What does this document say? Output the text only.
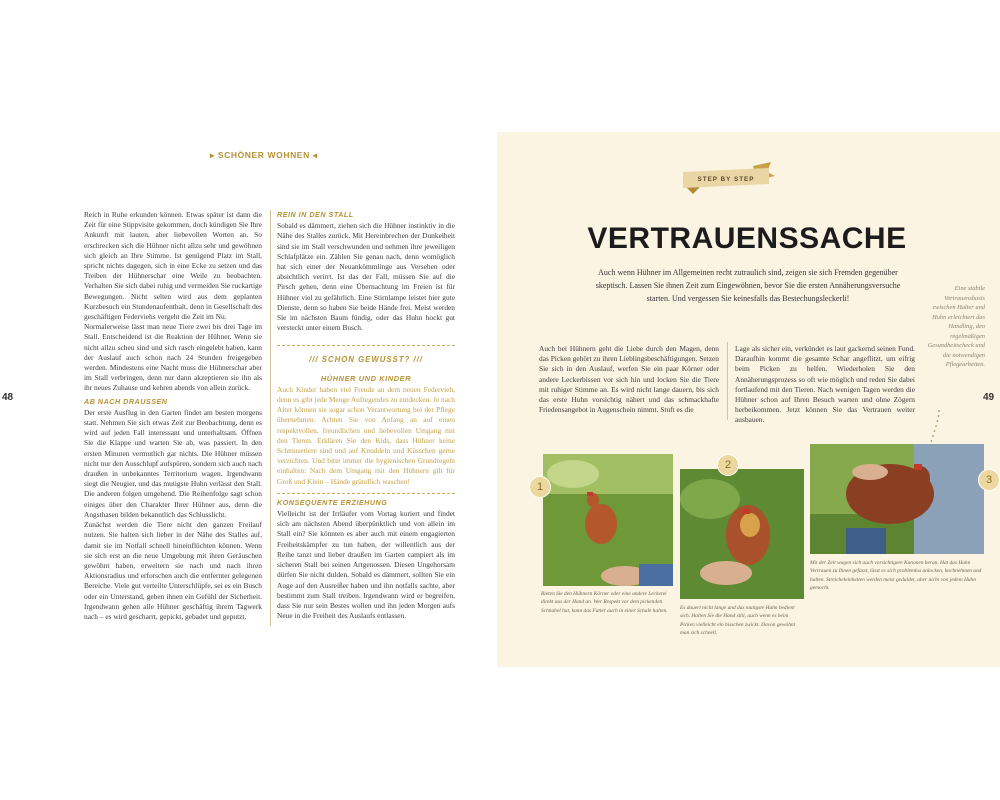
▸ SCHÖNER WOHNEN ◂

Reich in Ruhe erkunden können. Etwas später ist dann die Zeit für eine Stippvisite gekommen, doch kündigen Sie Ihre Ankunft mit lauten, aber liebevollen Worten an. So erschrecken sich die Hühner nicht allzu sehr und gewöhnen sich gleich an Ihre Stimme. Ist genügend Platz im Stall, spricht nichts dagegen, sich in eine Ecke zu setzen und das Treiben der Hühnerschar eine Weile zu beobachten. Verhalten Sie sich dabei ruhig und vermeiden Sie ruckartige Bewegungen. Nicht selten wird aus dem geplanten Kurzbesuch ein Stundenaufenthalt, denn in Gesellschaft des geschäftigen Federviehs vergeht die Zeit im Nu.

Normalerweise lässt man neue Tiere zwei bis drei Tage im Stall. Entscheidend ist die Reaktion der Hühner. Wenn sie nicht allzu scheu sind und sich rasch eingelebt haben, kann der Auslauf auch schon nach 24 Stunden freigegeben werden. Mindestens eine Nacht muss die Hühnerschar aber im Stall verbringen, denn nur dann akzeptieren sie ihn als ihr neues Zuhause und kehren abends von allein zurück.

AB NACH DRAUSSEN

Der erste Ausflug in den Garten findet am besten morgens statt. Nehmen Sie sich etwas Zeit zur Beobachtung, denn es wird auf jeden Fall interessant und unterhaltsam. Öffnen Sie die Klappe und warten Sie ab, was passiert. In den ersten Minuten vermutlich gar nichts. Die Hühner müssen nicht nur den Ausschlupf aufspüren, sondern sich auch nach draußen in unbekanntes Territorium wagen. Irgendwann siegt die Neugier, und das mutigste Huhn verlässt den Stall. Die anderen folgen umgehend. Die Reihenfolge sagt schon einiges über den Charakter Ihrer Hühner aus, denn die Angsthasen bilden bekanntlich das Schlusslicht.

Zunächst werden die Tiere nicht den ganzen Freilauf nutzen. Sie halten sich lieber in der Nähe des Stalles auf, damit sie im Notfall schnell hineinflüchten können. Wenn sie sich erst an die neue Umgebung mit ihren Geräuschen gewöhnt haben, erweitern sie nach und nach ihren Aktionsradius und erforschen auch die entfernter gelegenen Bereiche. Viele gut verteilte Unterschlüpfe, sei es ein Busch oder ein Unterstand, geben ihnen ein Gefühl der Sicherheit. Irgendwann gehen alle Hühner geschäftig ihrem Tagwerk nach – es wird gescharrt, gepickt, gebadet und geputzt.

REIN IN DEN STALL

Sobald es dämmert, ziehen sich die Hühner instinktiv in die Nähe des Stalles zurück. Mit Hereinbrechen der Dunkelheit sind sie im Stall verschwunden und nehmen ihre jeweiligen Schlafplätze ein. Zählen Sie genau nach, denn womöglich hat sich einer der Neuankömmlinge aus Versehen oder absichtlich verirrt. Ist das der Fall, müssen Sie auf die Pirsch gehen, denn eine Übernachtung im Freien ist für Hühner viel zu gefährlich. Eine Stirnlampe leistet hier gute Dienste, denn so haben Sie beide Hände frei. Meist werden Sie im nächsten Baum fündig, oder das Huhn hockt gut versteckt unter einem Busch.

/// SCHON GEWUSST? ///
HÜHNER UND KINDER

Auch Kinder haben viel Freude an dem neuen Federvieh, denn es gibt jede Menge Aufregendes zu entdecken. Je nach Alter können sie sogar schon Verantwortung bei der Pflege übernehmen. Achten Sie von Anfang an auf einen respektvollen, freundlichen und liebevollen Umgang mit den Tieren. Erklären Sie den Kids, dass Hühner keine Schmusetiere sind und auf Knuddeln und Küsschen gerne verzichten. Und bitte immer die hygienischen Grundregeln einhalten: Nach dem Umgang mit den Hühnern gilt für Groß und Klein – Hände gründlich waschen!

KONSEQUENTE ERZIEHUNG

Vielleicht ist der Irrläufer vom Vortag kuriert und findet sich am nächsten Abend überpünktlich und von allein im Stall ein? Sie könnten es aber auch mit einem engagierten Freiheitskämpfer zu tun haben, der willentlich aus der Reihe tanzt und lieber draußen im Garten campiert als im sicheren Stall bei seinen Artgenossen. Diesen Ungehorsam dürfen Sie nicht dulden. Sobald es dämmert, sollten Sie ein Auge auf den Ausreißer haben und ihn notfalls sachte, aber bestimmt zum Stall treiben. Irgendwann wird er begreifen, dass Sie nur sein Bestes wollen und ihn jeden Morgen aufs Neue in die Freiheit des Auslaufs entlassen.

48
STEP BY STEP
VERTRAUENSSACHE
Auch wenn Hühner im Allgemeinen recht zutraulich sind, zeigen sie sich Fremden gegenüber skeptisch. Lassen Sie ihnen Zeit zum Eingewöhnen, bevor Sie die ersten Annäherungsversuche starten. Und vergessen Sie keinesfalls das Bestechungsleckerli!
Eine stabile Vertrauensbasis zwischen Halter und Huhn erleichtert das Handling, den regelmäßigen Gesundheitscheck und die notwendigen Pflegearbeiten.
Auch bei Hühnern geht die Liebe durch den Magen, denn das Picken gehört zu ihren Lieblingsbeschäftigungen. Setzen Sie sich in den Auslauf, werfen Sie ein paar Körner oder andere Leckerbissen vor sich hin und locken Sie die Tiere mit ruhiger Stimme an. Es wird nicht lange dauern, bis sich das erste Huhn vorsichtig nähert und das schmackhafte Friedensangebot in Augenschein nimmt. Stuft es die
Lage als sicher ein, verkündet es laut gackernd seinen Fund. Daraufhin kommt die gesamte Schar angeflitzt, um eifrig beim Picken zu helfen. Wiederholen Sie den Annäherungsprozess so oft wie möglich und reden Sie dabei fortlaufend mit den Tieren. Nach wenigen Tagen werden die Hühner schon auf Ihren Besuch warten und ohne Zögern herbeikommen. Jetzt können Sie das Vertrauen weiter ausbauen.
1
Bieten Sie den Hühnern Körner oder eine andere Leckerei direkt aus der Hand an. Wer Respekt vor dem pickenden Schnabel hat, kann das Futter auch in einer Schale halten.
2
Es dauert nicht lange und das mutigste Huhn bedient sich. Halten Sie die Hand still, auch wenn es beim Picken vielleicht ein bisschen zwickt. Davon gewöhnt man sich schnell.
3
Mit der Zeit wagen sich auch vorsichtigere Kanonen heran. Hat das Huhn Vertrauen zu Ihnen gefasst, lässt es sich problemlos anlocken, hochnehmen und halten. Streicheleinheiten werden meist geduldet, aber nicht von jedem Huhn gemocht.
49
